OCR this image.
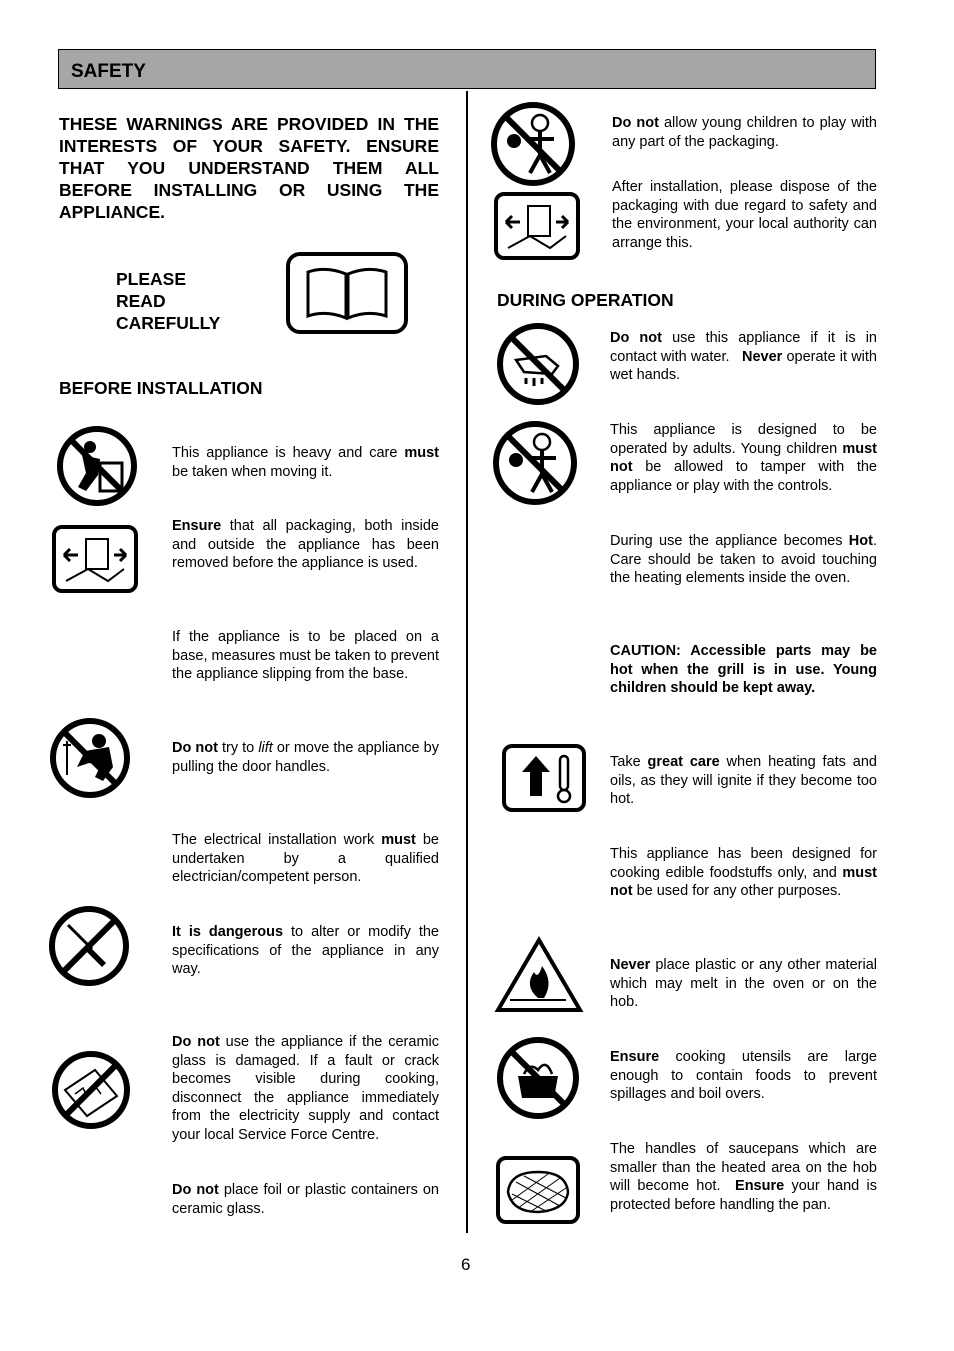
SAFETY
THESE WARNINGS ARE PROVIDED IN THE INTERESTS OF YOUR SAFETY. ENSURE THAT YOU UNDERSTAND THEM ALL BEFORE INSTALLING OR USING THE APPLIANCE.
PLEASE
READ
CAREFULLY
BEFORE INSTALLATION
This appliance is heavy and care must be taken when moving it.
Ensure that all packaging, both inside and outside the appliance has been removed before the appliance is used.
If the appliance is to be placed on a base, measures must be taken to prevent the appliance slipping from the base.
Do not try to lift or move the appliance by pulling the door handles.
The electrical installation work must be undertaken by a qualified electrician/competent person.
It is dangerous to alter or modify the specifications of the appliance in any way.
Do not use the appliance if the ceramic glass is damaged. If a fault or crack becomes visible during cooking, disconnect the appliance immediately from the electricity supply and contact your local Service Force Centre.
Do not place foil or plastic containers on ceramic glass.
Do not allow young children to play with any part of the packaging.
After installation, please dispose of the packaging with due regard to safety and the environment, your local authority can arrange this.
DURING OPERATION
Do not use this appliance if it is in contact with water.   Never operate it with wet hands.
This appliance is designed to be operated by adults. Young children must not be allowed to tamper with the appliance or play with the controls.
During use the appliance becomes Hot. Care should be taken to avoid touching the heating elements inside the oven.
CAUTION: Accessible parts may be hot when the grill is in use. Young children should be kept away.
Take great care when heating fats and oils, as they will ignite if they become too hot.
This appliance has been designed for cooking edible foodstuffs only, and must not be used for any other purposes.
Never place plastic or any other material which may melt in the oven or on the hob.
Ensure cooking utensils are large enough to contain foods to prevent spillages and boil overs.
The handles of saucepans which are smaller than the heated area on the hob will become hot.  Ensure your hand is protected before handling the pan.
6
